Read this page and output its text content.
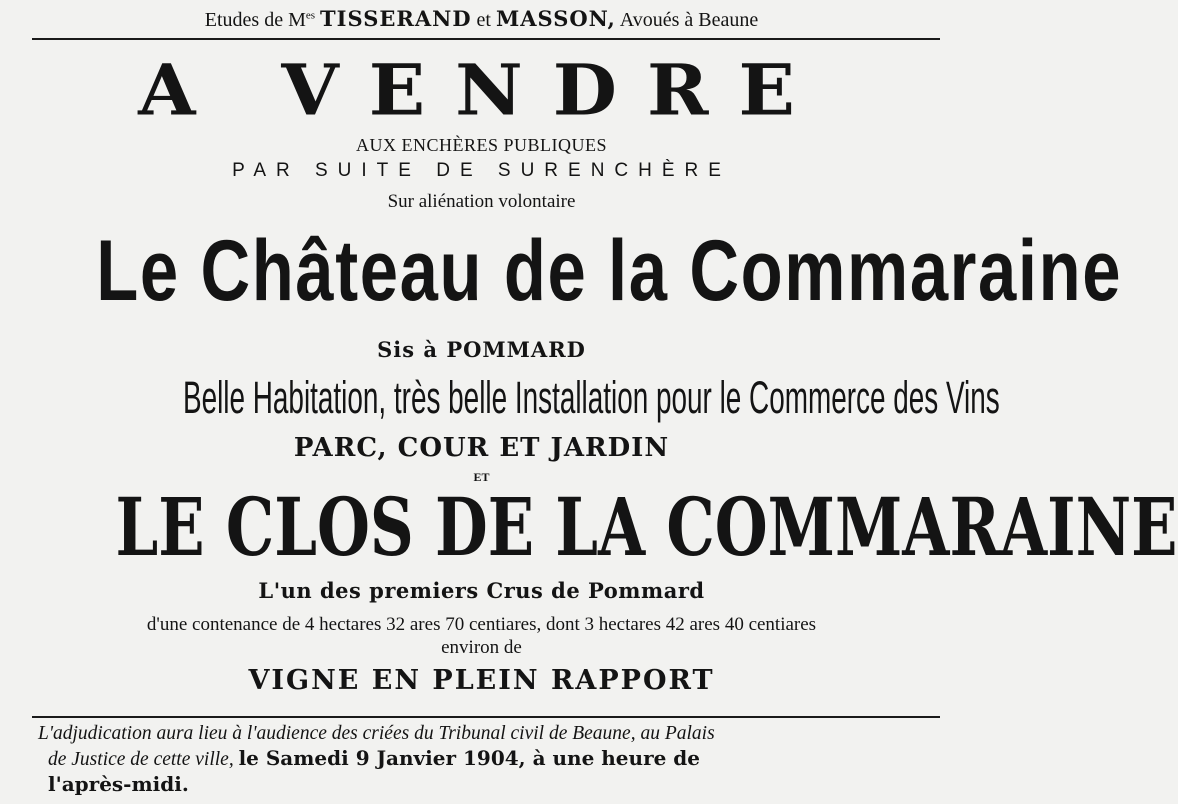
Etudes de $M^{es}$ TISSERAND et MASSON, Avoués à Beaune
A VENDRE
AUX ENCHÈRES PUBLIQUES
PAR SUITE DE SURENCHÈRE
Sur aliénation volontaire
Le Château de la Commaraine
Sis à POMMARD
Belle Habitation, très belle Installation pour le Commerce des Vins
PARC, COUR ET JARDIN
ET
LE CLOS DE LA COMMARAINE
L'un des premiers Crus de Pommard
d'une contenance de 4 hectares 32 ares 70 centiares, dont 3 hectares 42 ares 40 centiares
environ de
VIGNE EN PLEIN RAPPORT
L'adjudication aura lieu à l'audience des criées du Tribunal civil de Beaune, au Palais
de Justice de cette ville, le Samedi 9 Janvier 1904, à une heure de
l'après-midi.
